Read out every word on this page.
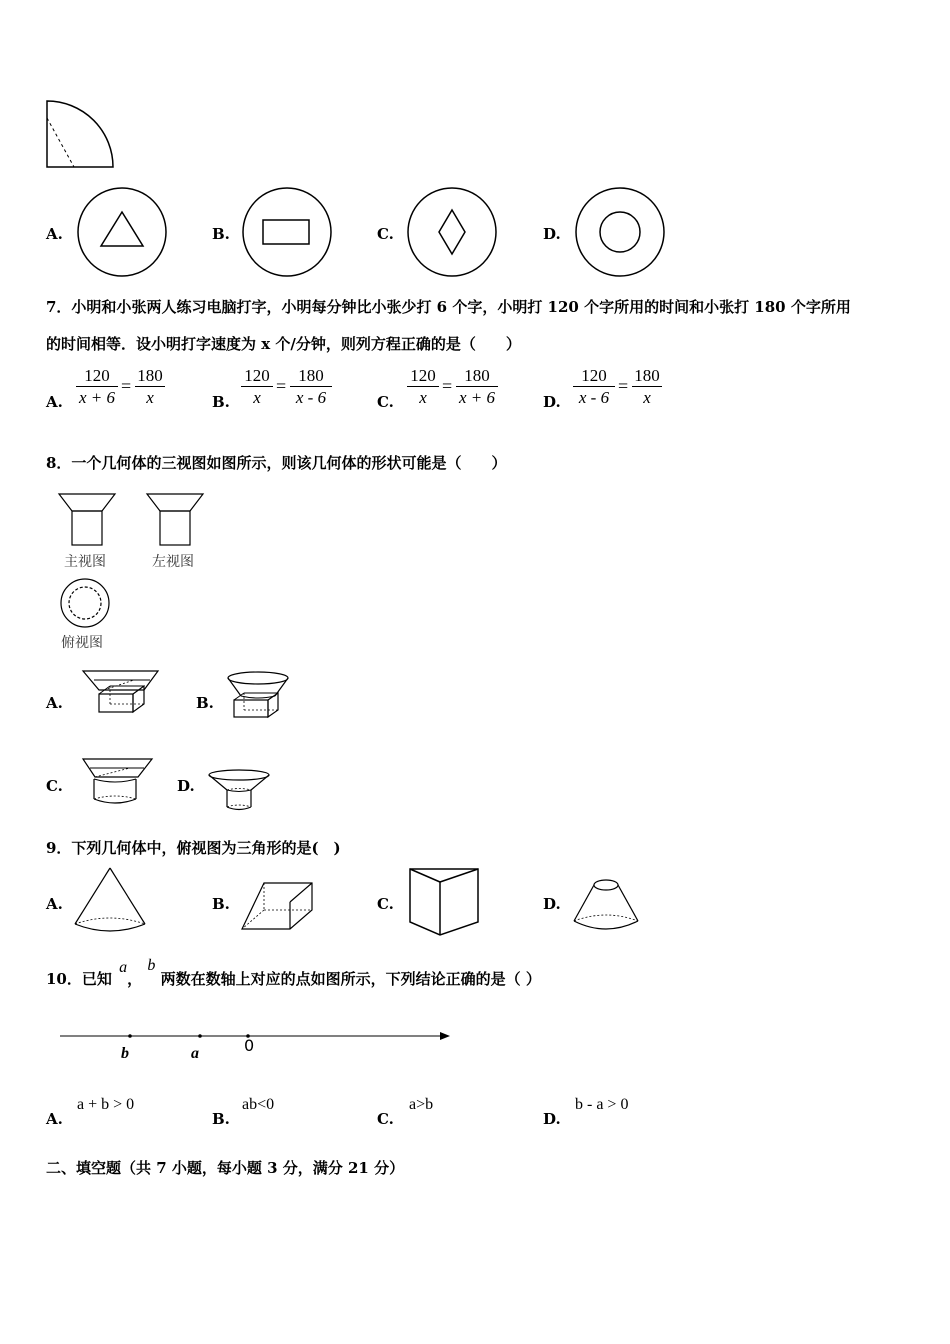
A.	B.	C.	D.
7．小明和小张两人练习电脑打字，小明每分钟比小张少打 6 个字，小明打 120 个字所用的时间和小张打 180 个字所用
的时间相等．设小明打字速度为 x 个/分钟，则列方程正确的是（　　）
A. $\frac{120}{x + 6} = \frac{180}{x}$	B. $\frac{120}{x} = \frac{180}{x - 6}$	C. $\frac{120}{x} = \frac{180}{x + 6}$	D. $\frac{120}{x - 6} = \frac{180}{x}$
8．一个几何体的三视图如图所示，则该几何体的形状可能是（　　）
主视图	左视图
俯视图
A.	B.
C.	D.
9．下列几何体中，俯视图为三角形的是(　)
A.	B.	C.	D.
10．已知 a， b 两数在数轴上对应的点如图所示，下列结论正确的是（ ）
b	a	0
A.
a + b > 0
B.
ab<0
C.
a>b
D.
b - a > 0
二、填空题（共 7 小题，每小题 3 分，满分 21 分）
